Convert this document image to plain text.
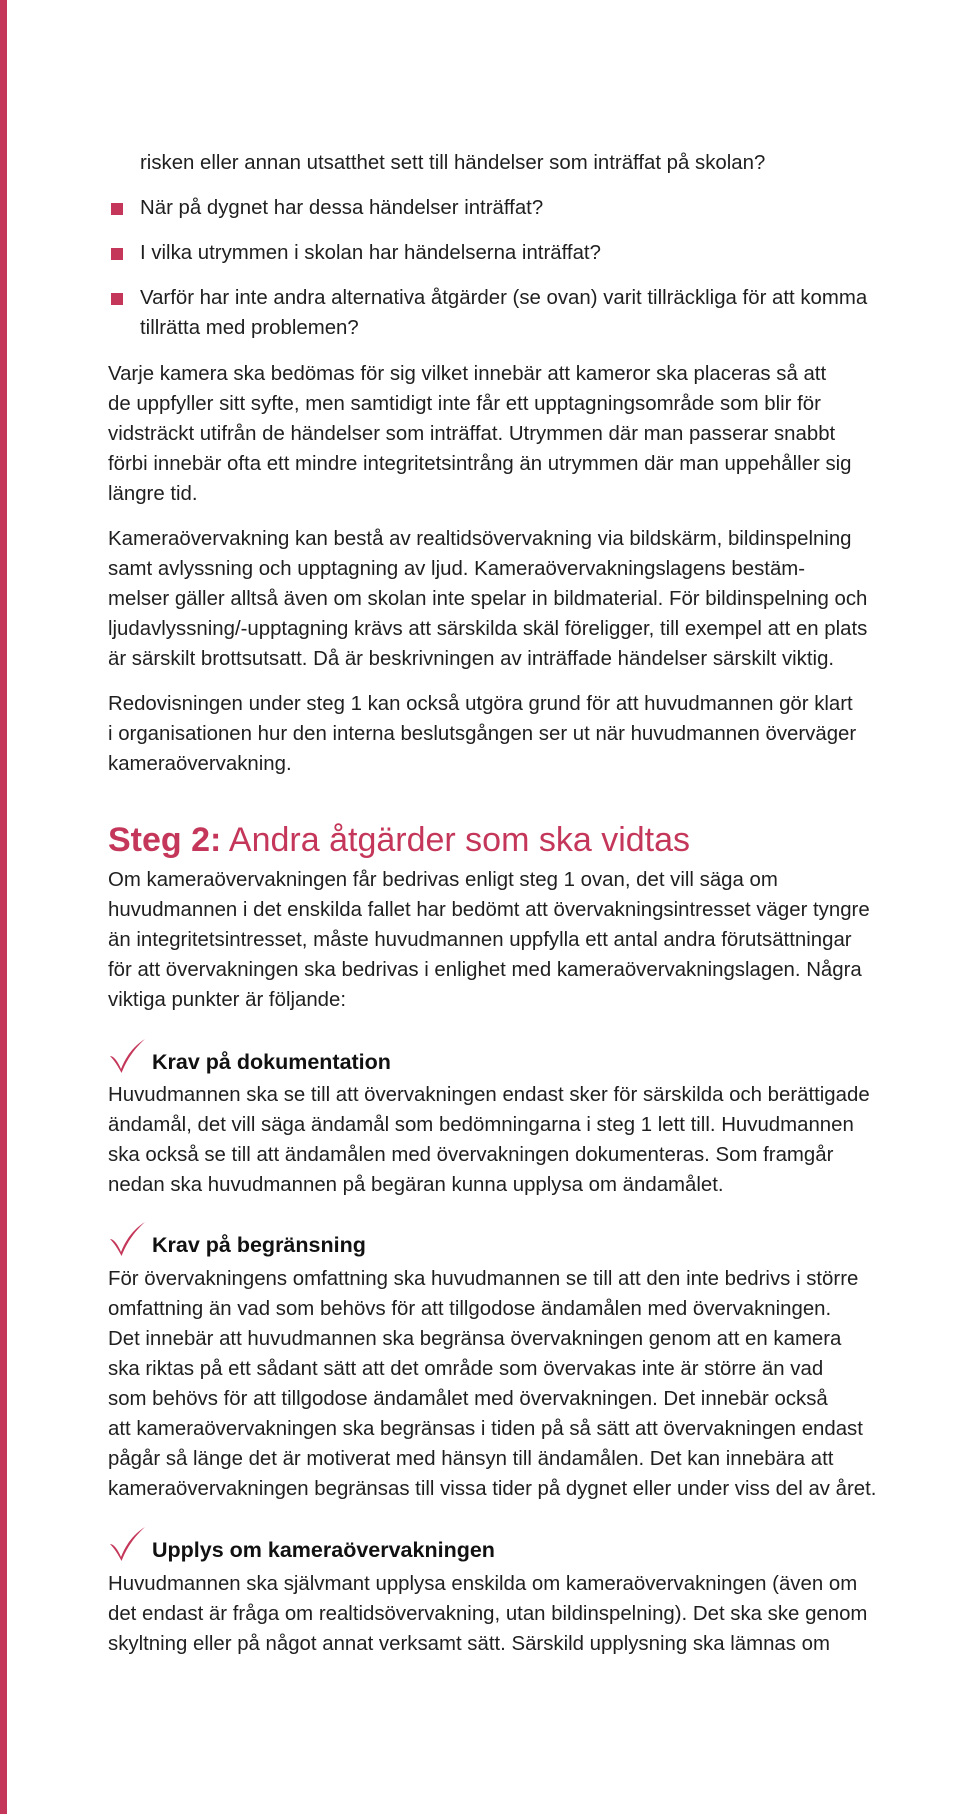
risken eller annan utsatthet sett till händelser som inträffat på skolan?

När på dygnet har dessa händelser inträffat?
I vilka utrymmen i skolan har händelserna inträffat?
Varför har inte andra alternativa åtgärder (se ovan) varit tillräckliga för att komma
tillrätta med problemen?

Varje kamera ska bedömas för sig vilket innebär att kameror ska placeras så att
de uppfyller sitt syfte, men samtidigt inte får ett upptagningsområde som blir för
vidsträckt utifrån de händelser som inträffat. Utrymmen där man passerar snabbt
förbi innebär ofta ett mindre integritetsintrång än utrymmen där man uppehåller sig
längre tid.

Kameraövervakning kan bestå av realtidsövervakning via bildskärm, bildinspelning
samt avlyssning och upptagning av ljud. Kameraövervakningslagens bestäm-
melser gäller alltså även om skolan inte spelar in bildmaterial. För bildinspelning och
ljudavlyssning/-upptagning krävs att särskilda skäl föreligger, till exempel att en plats
är särskilt brottsutsatt. Då är beskrivningen av inträffade händelser särskilt viktig.

Redovisningen under steg 1 kan också utgöra grund för att huvudmannen gör klart
i organisationen hur den interna beslutsgången ser ut när huvudmannen överväger
kameraövervakning.

Steg 2: Andra åtgärder som ska vidtas

Om kameraövervakningen får bedrivas enligt steg 1 ovan, det vill säga om
huvudmannen i det enskilda fallet har bedömt att övervakningsintresset väger tyngre
än integritetsintresset, måste huvudmannen uppfylla ett antal andra förutsättningar
för att övervakningen ska bedrivas i enlighet med kameraövervakningslagen. Några
viktiga punkter är följande:

Krav på dokumentation

Huvudmannen ska se till att övervakningen endast sker för särskilda och berättigade
ändamål, det vill säga ändamål som bedömningarna i steg 1 lett till. Huvudmannen
ska också se till att ändamålen med övervakningen dokumenteras. Som framgår
nedan ska huvudmannen på begäran kunna upplysa om ändamålet.

Krav på begränsning

För övervakningens omfattning ska huvudmannen se till att den inte bedrivs i större
omfattning än vad som behövs för att tillgodose ändamålen med övervakningen.
Det innebär att huvudmannen ska begränsa övervakningen genom att en kamera
ska riktas på ett sådant sätt att det område som övervakas inte är större än vad
som behövs för att tillgodose ändamålet med övervakningen. Det innebär också
att kameraövervakningen ska begränsas i tiden på så sätt att övervakningen endast
pågår så länge det är motiverat med hänsyn till ändamålen. Det kan innebära att
kameraövervakningen begränsas till vissa tider på dygnet eller under viss del av året.

Upplys om kameraövervakningen

Huvudmannen ska självmant upplysa enskilda om kameraövervakningen (även om
det endast är fråga om realtidsövervakning, utan bildinspelning). Det ska ske genom
skyltning eller på något annat verksamt sätt. Särskild upplysning ska lämnas om
